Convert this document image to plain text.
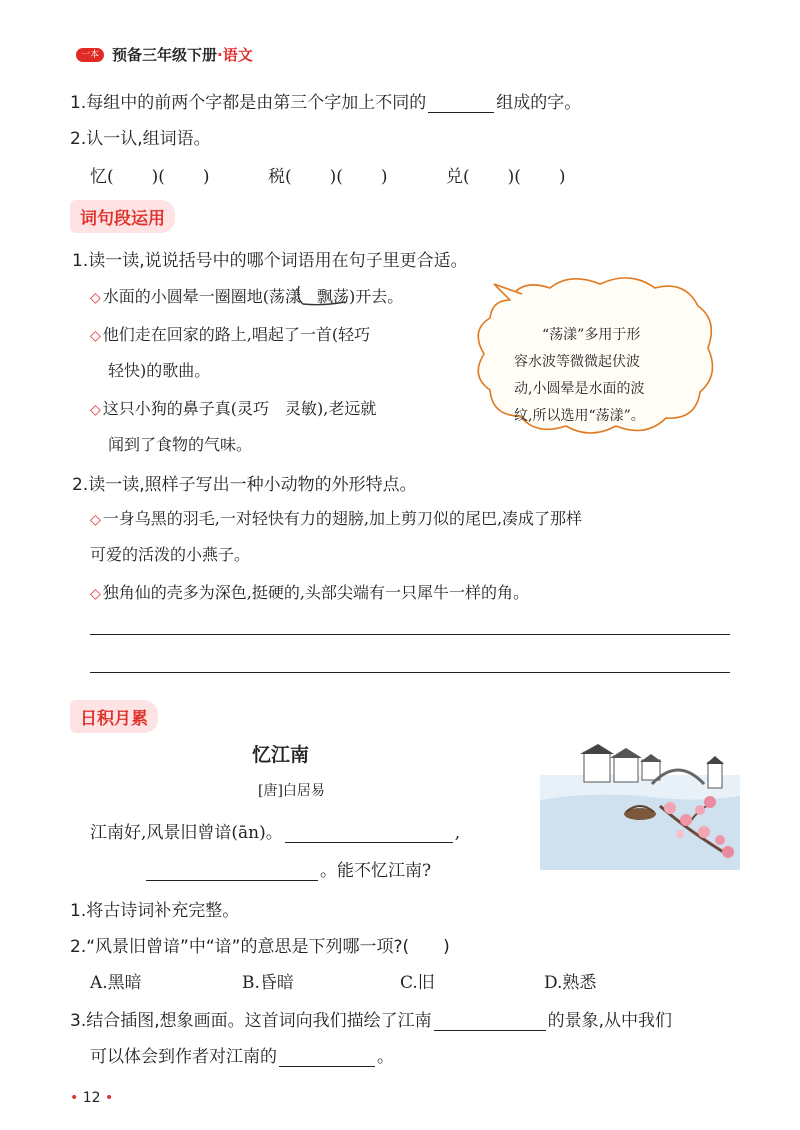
一本 预备三年级下册·语文
1.每组中的前两个字都是由第三个字加上不同的	组成的字。
2.认一认,组词语。
忆( )( )	税( )( )	兑( )( )
词句段运用
1.读一读,说说括号中的哪个词语用在句子里更合适。
◇ 水面的小圆晕一圈圈地(荡漾　飘荡)开去。
◇ 他们走在回家的路上,唱起了一首(轻巧
轻快)的歌曲。
◇ 这只小狗的鼻子真(灵巧　灵敏),老远就
闻到了食物的气味。
“荡漾”多用于形
容水波等微微起伏波
动,小圆晕是水面的波
纹,所以选用“荡漾”。
2.读一读,照样子写出一种小动物的外形特点。
◇ 一身乌黑的羽毛,一对轻快有力的翅膀,加上剪刀似的尾巴,凑成了那样
可爱的活泼的小燕子。
◇ 独角仙的壳多为深色,挺硬的,头部尖端有一只犀牛一样的角。
日积月累
忆江南
[唐]白居易
江南好,风景旧曾谙(ān)。	,
。能不忆江南?
1.将古诗词补充完整。
2.“风景旧曾谙”中“谙”的意思是下列哪一项?(　　)
A.黑暗	B.昏暗	C.旧	D.熟悉
3.结合插图,想象画面。这首词向我们描绘了江南	的景象,从中我们
可以体会到作者对江南的	。
• 12 •
